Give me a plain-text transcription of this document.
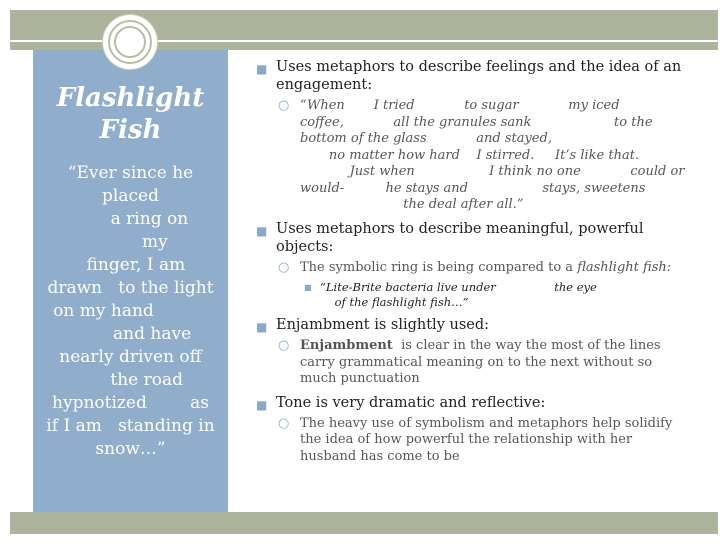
Flashlight
Fish

“Ever since he
placed
a ring on
my
finger, I am
drawn   to the light
on my hand
and have
nearly driven off
the road
hypnotized        as
if I am   standing in
snow…”

■ Uses metaphors to describe feelings and the idea of an engagement:
○ “When       I tried            to sugar            my iced
coffee,            all the granules sank                    to the
bottom of the glass            and stayed,
no matter how hard    I stirred.     It’s like that.
Just when                  I think no one            could or
would-          he stays and                  stays, sweetens
the deal after all.”
■ Uses metaphors to describe meaningful, powerful objects:
○ The symbolic ring is being compared to a flashlight fish:
■ “Lite-Brite bacteria live under                the eye
of the flashlight fish…”
■ Enjambment is slightly used:
○ Enjambment  is clear in the way the most of the lines carry grammatical meaning on to the next without so much punctuation
■ Tone is very dramatic and reflective:
○ The heavy use of symbolism and metaphors help solidify the idea of how powerful the relationship with her husband has come to be
